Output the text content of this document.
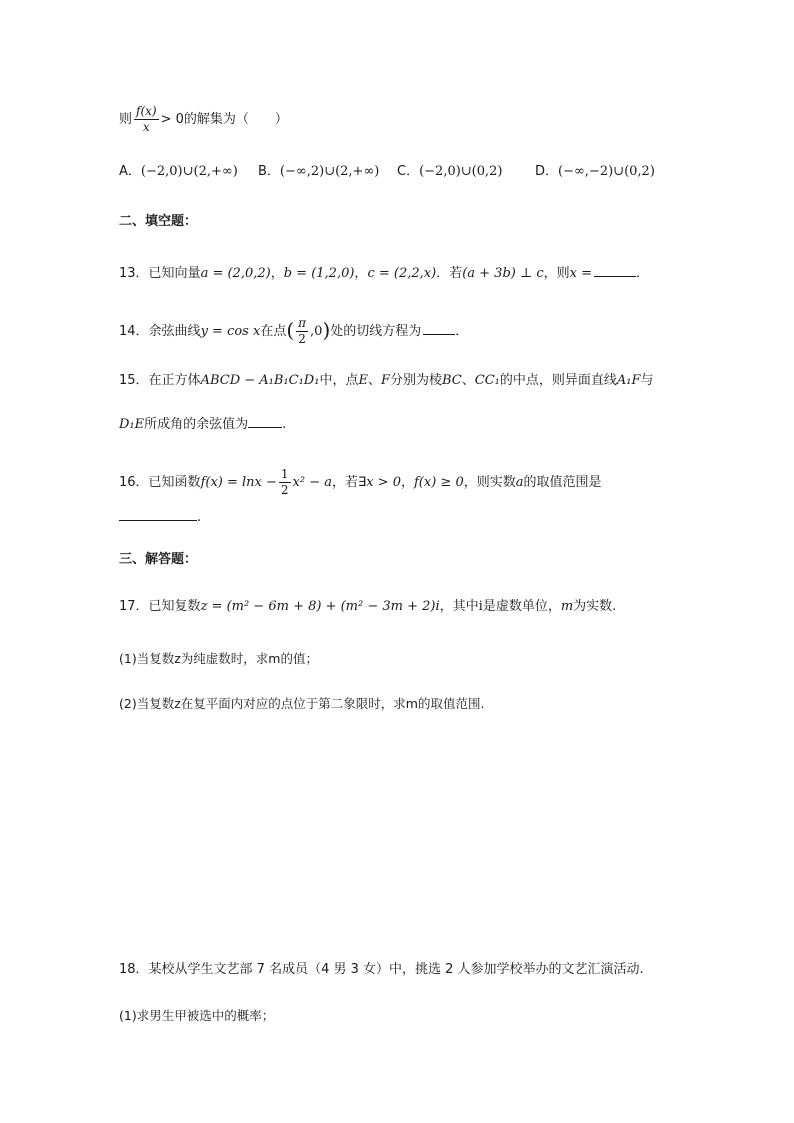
则 $\frac{f(x)}{x} > 0$的解集为（　　）
A．(−2,0)∪(2,+∞) B．(−∞,2)∪(2,+∞) C．(−2,0)∪(0,2)	D．(−∞,−2)∪(0,2)
二、填空题：
13．已知向量a = (2,0,2)，b = (1,2,0)，c = (2,2,x)．若(a + 3b) ⊥ c，则x =	．
14．余弦曲线y = cos x在点( $\frac{\pi}{2} ,0$)处的切线方程为	．
15．在正方体ABCD − A₁B₁C₁D₁中，点E、F分别为棱BC、CC₁的中点，则异面直线A₁F与
D₁E所成角的余弦值为	.
16．已知函数$f(x) = \ln x - \frac{1}{2} x^2 - a$，若∃x > 0，f(x) ≥ 0，则实数a的取值范围是
.
三、解答题：
17．已知复数z = (m² − 6m + 8) + (m² − 3m + 2)i，其中i是虚数单位，m为实数.
(1)当复数z为纯虚数时，求m的值；
(2)当复数z在复平面内对应的点位于第二象限时，求m的取值范围.
18．某校从学生文艺部 7 名成员（4 男 3 女）中，挑选 2 人参加学校举办的文艺汇演活动.
(1)求男生甲被选中的概率；
